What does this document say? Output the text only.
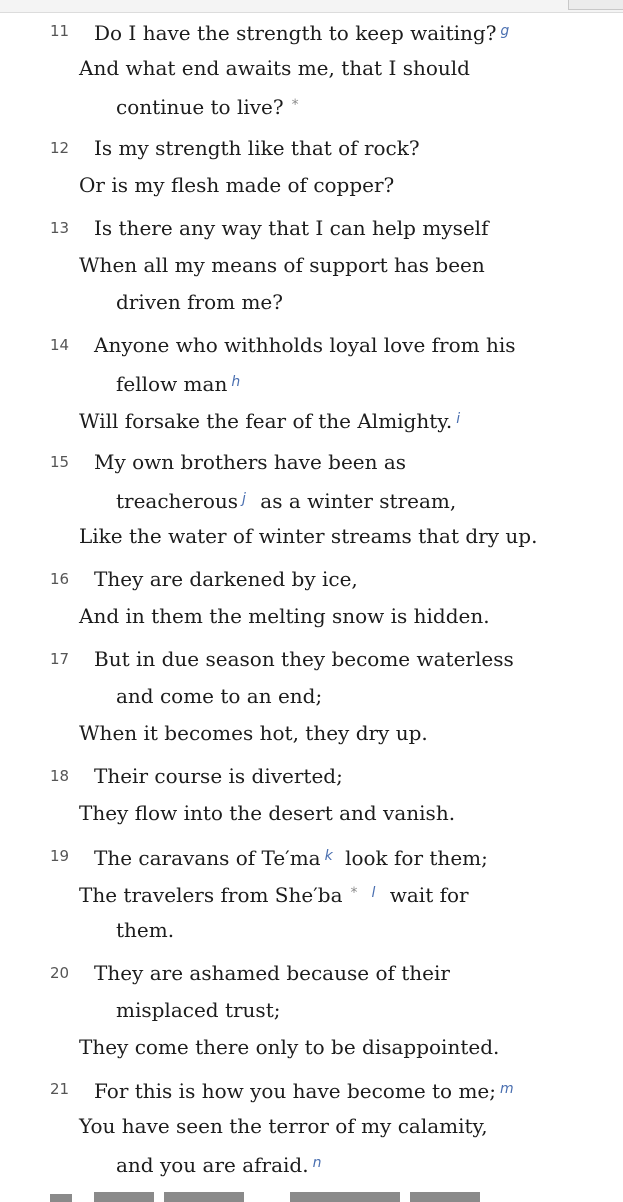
11 Do I have the strength to keep waiting? $^g$
And what end awaits me, that I should
continue to live? *
12 Is my strength like that of rock?
Or is my flesh made of copper?
13 Is there any way that I can help myself
When all my means of support has been
driven from me?
14 Anyone who withholds loyal love from his
fellow man $^h$
Will forsake the fear of the Almighty. $^i$
15 My own brothers have been as
treacherous $^j$ as a winter stream,
Like the water of winter streams that dry up.
16 They are darkened by ice,
And in them the melting snow is hidden.
17 But in due season they become waterless
and come to an end;
When it becomes hot, they dry up.
18 Their course is diverted;
They flow into the desert and vanish.
19 The caravans of Te′ma $^k$ look for them;
The travelers from She′ba * $^l$ wait for
them.
20 They are ashamed because of their
misplaced trust;
They come there only to be disappointed.
21 For this is how you have become to me; $^m$
You have seen the terror of my calamity,
and you are afraid. $^n$
